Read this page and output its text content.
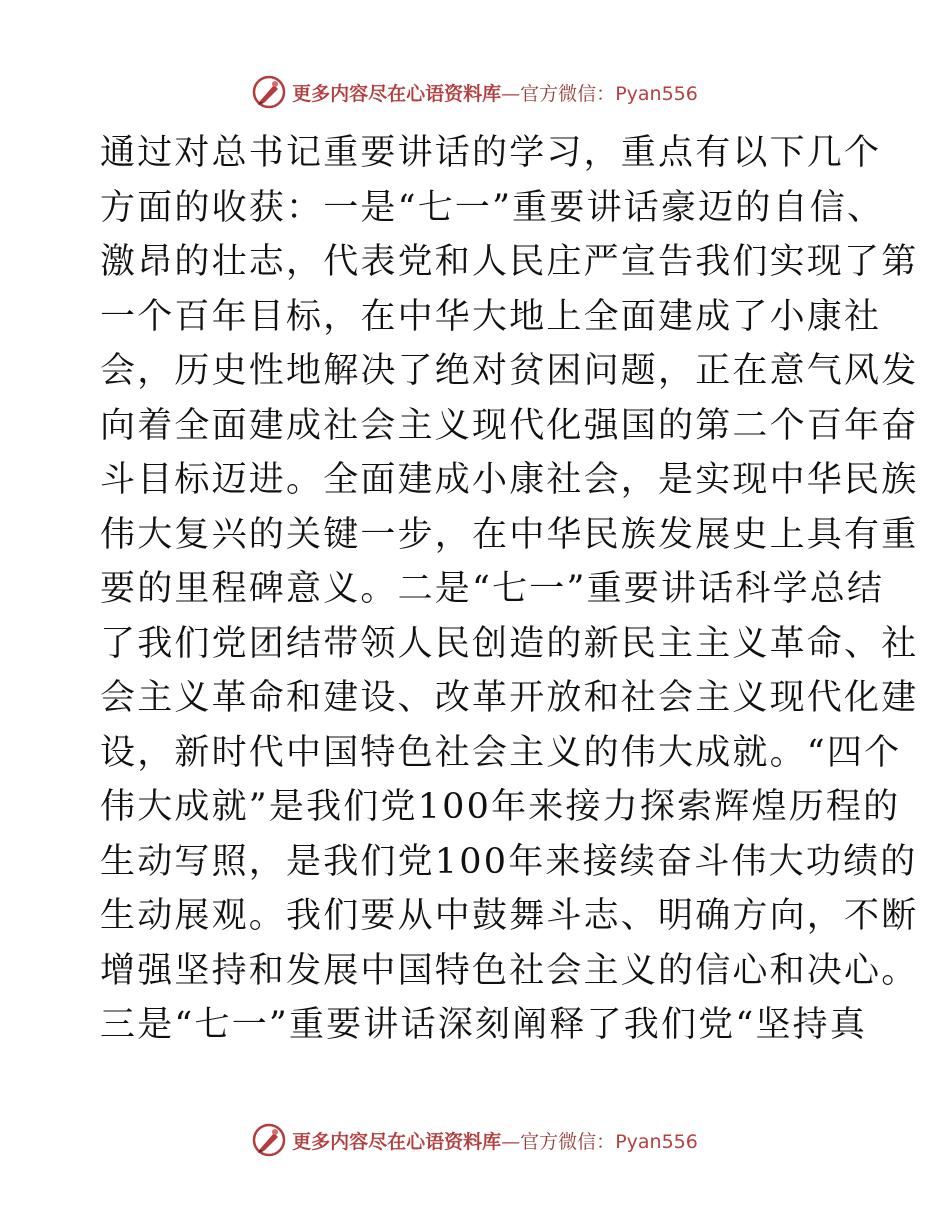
更多内容尽在心语资料库—官方微信：Pyan556
通过对总书记重要讲话的学习，重点有以下几个
方面的收获：一是“七一”重要讲话豪迈的自信、
激昂的壮志，代表党和人民庄严宣告我们实现了第
一个百年目标，在中华大地上全面建成了小康社
会，历史性地解决了绝对贫困问题，正在意气风发
向着全面建成社会主义现代化强国的第二个百年奋
斗目标迈进。全面建成小康社会，是实现中华民族
伟大复兴的关键一步，在中华民族发展史上具有重
要的里程碑意义。二是“七一”重要讲话科学总结
了我们党团结带领人民创造的新民主主义革命、社
会主义革命和建设、改革开放和社会主义现代化建
设，新时代中国特色社会主义的伟大成就。“四个
伟大成就”是我们党100年来接力探索辉煌历程的
生动写照，是我们党100年来接续奋斗伟大功绩的
生动展观。我们要从中鼓舞斗志、明确方向，不断
增强坚持和发展中国特色社会主义的信心和决心。
三是“七一”重要讲话深刻阐释了我们党“坚持真
更多内容尽在心语资料库—官方微信：Pyan556
